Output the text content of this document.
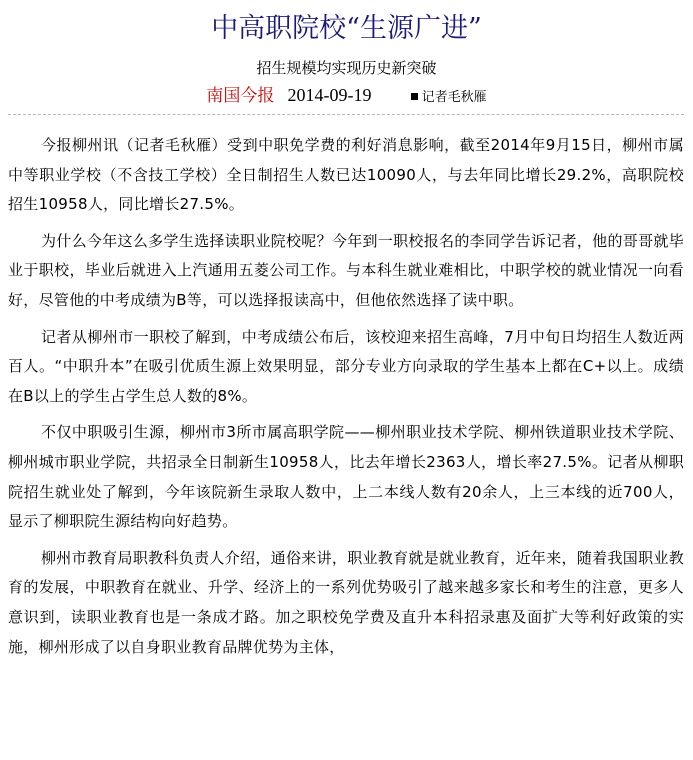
中高职院校“生源广进”
招生规模均实现历史新突破
南国今报 2014-09-19	记者毛秋雁

今报柳州讯（记者毛秋雁）受到中职免学费的利好消息影响，截至2014年9月15日，柳州市属中等职业学校（不含技工学校）全日制招生人数已达10090人，与去年同比增长29.2%，高职院校招生10958人，同比增长27.5%。

为什么今年这么多学生选择读职业院校呢？今年到一职校报名的李同学告诉记者，他的哥哥就毕业于职校，毕业后就进入上汽通用五菱公司工作。与本科生就业难相比，中职学校的就业情况一向看好，尽管他的中考成绩为B等，可以选择报读高中，但他依然选择了读中职。

记者从柳州市一职校了解到，中考成绩公布后，该校迎来招生高峰，7月中旬日均招生人数近两百人。“中职升本”在吸引优质生源上效果明显，部分专业方向录取的学生基本上都在C+以上。成绩在B以上的学生占学生总人数的8%。

不仅中职吸引生源，柳州市3所市属高职学院——柳州职业技术学院、柳州铁道职业技术学院、柳州城市职业学院，共招录全日制新生10958人，比去年增长2363人，增长率27.5%。记者从柳职院招生就业处了解到，今年该院新生录取人数中，上二本线人数有20余人，上三本线的近700人，显示了柳职院生源结构向好趋势。

柳州市教育局职教科负责人介绍，通俗来讲，职业教育就是就业教育，近年来，随着我国职业教育的发展，中职教育在就业、升学、经济上的一系列优势吸引了越来越多家长和考生的注意，更多人意识到，读职业教育也是一条成才路。加之职校免学费及直升本科招录惠及面扩大等利好政策的实施，柳州形成了以自身职业教育品牌优势为主体，
